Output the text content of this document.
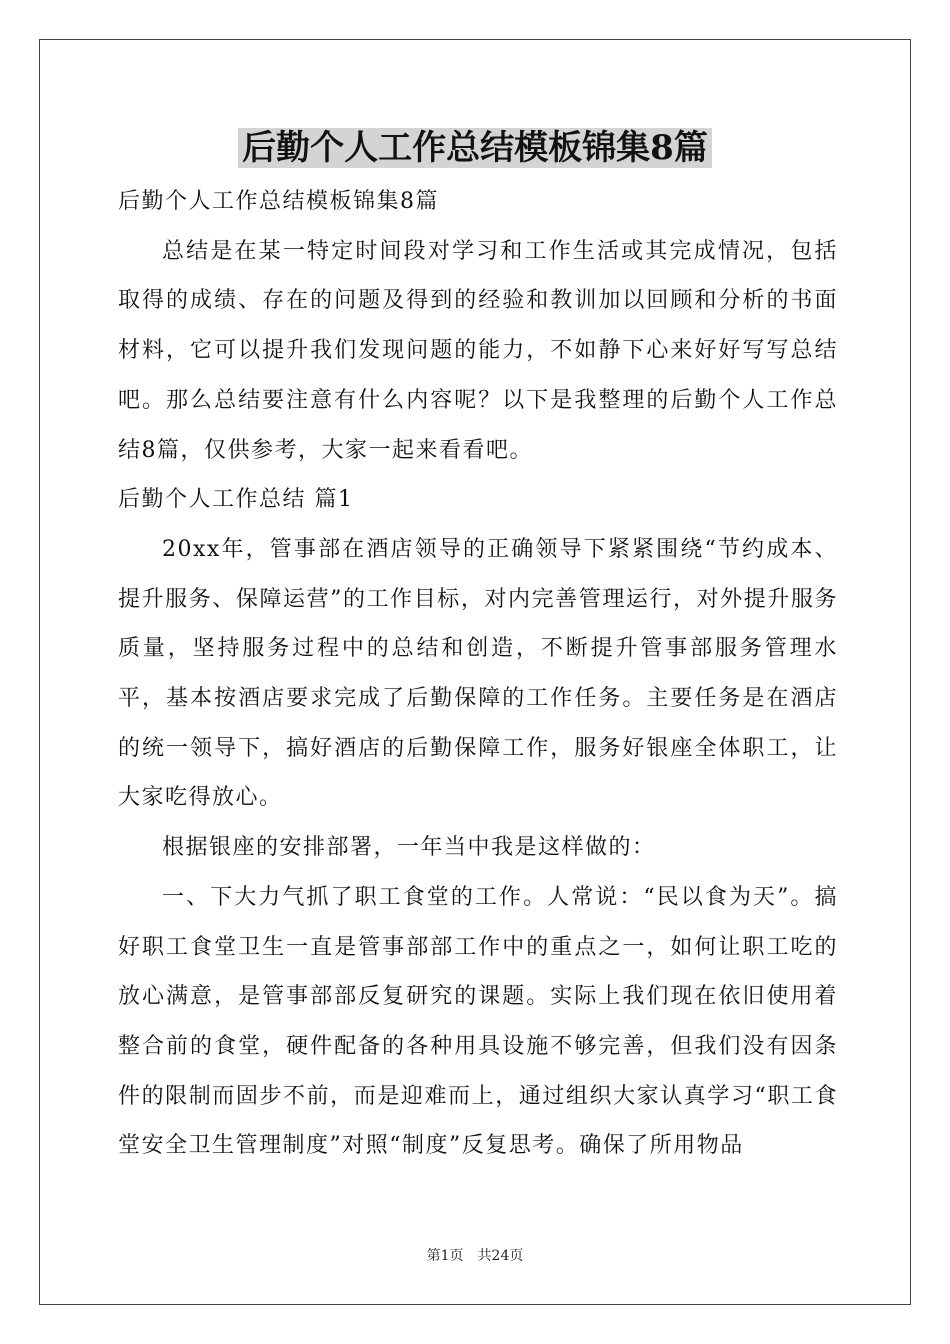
后勤个人工作总结模板锦集8篇
后勤个人工作总结模板锦集8篇

总结是在某一特定时间段对学习和工作生活或其完成情况，包括取得的成绩、存在的问题及得到的经验和教训加以回顾和分析的书面材料，它可以提升我们发现问题的能力，不如静下心来好好写写总结吧。那么总结要注意有什么内容呢？以下是我整理的后勤个人工作总结8篇，仅供参考，大家一起来看看吧。

后勤个人工作总结 篇1

20xx年，管事部在酒店领导的正确领导下紧紧围绕“节约成本、提升服务、保障运营”的工作目标，对内完善管理运行，对外提升服务质量，坚持服务过程中的总结和创造，不断提升管事部服务管理水平，基本按酒店要求完成了后勤保障的工作任务。主要任务是在酒店的统一领导下，搞好酒店的后勤保障工作，服务好银座全体职工，让大家吃得放心。

根据银座的安排部署，一年当中我是这样做的：

一、下大力气抓了职工食堂的工作。人常说：“民以食为天”。搞好职工食堂卫生一直是管事部部工作中的重点之一，如何让职工吃的放心满意，是管事部部反复研究的课题。实际上我们现在依旧使用着整合前的食堂，硬件配备的各种用具设施不够完善，但我们没有因条件的限制而固步不前，而是迎难而上，通过组织大家认真学习“职工食堂安全卫生管理制度”对照“制度”反复思考。确保了所用物品

第1页 共24页
